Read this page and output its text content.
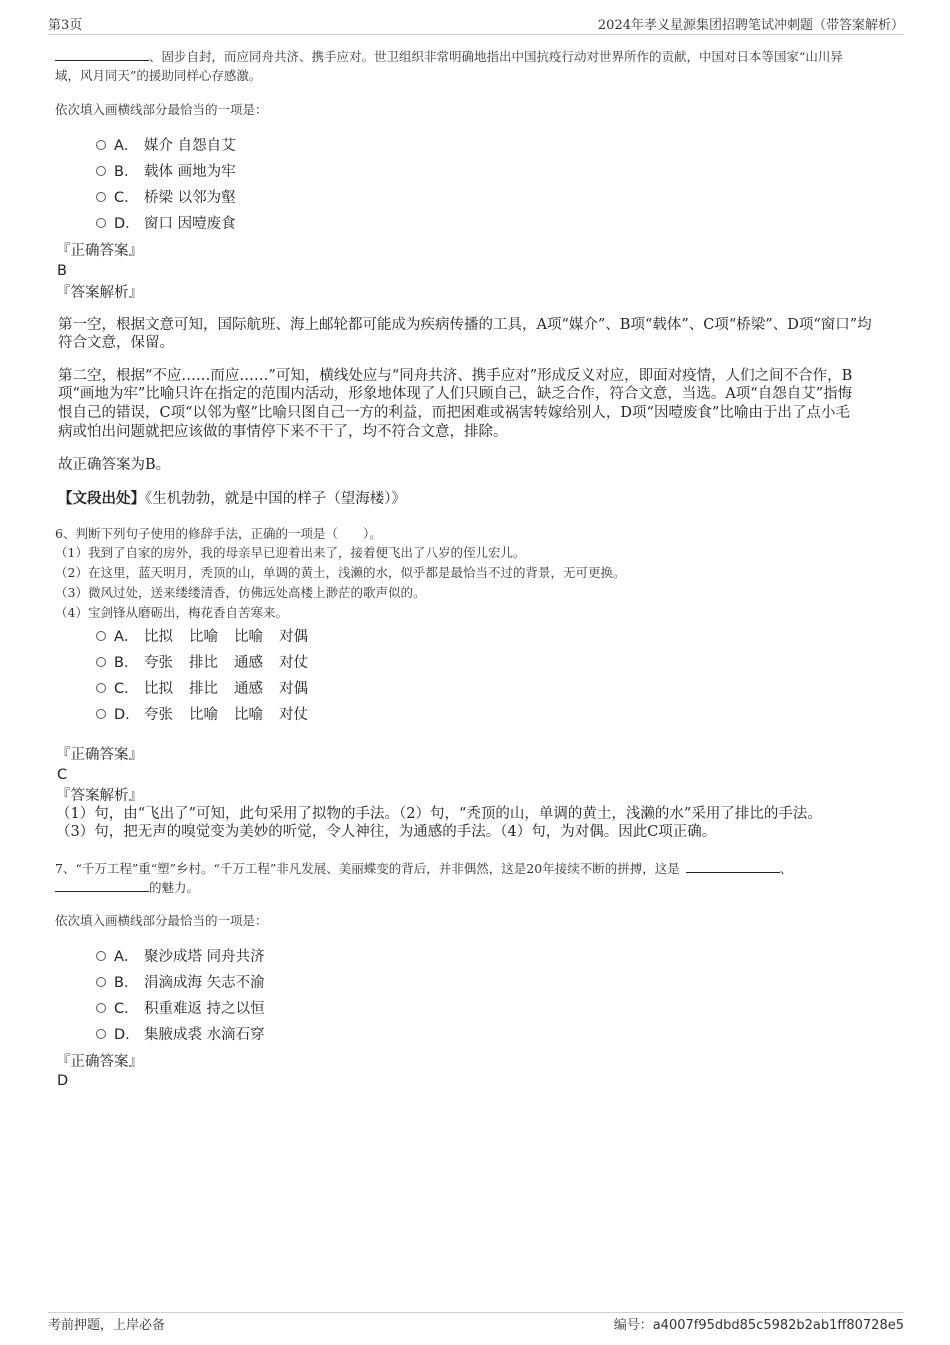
第3页	2024年孝义星源集团招聘笔试冲刺题（带答案解析）
、固步自封，而应同舟共济、携手应对。世卫组织非常明确地指出中国抗疫行动对世界所作的贡献，中国对日本等国家“山川异
域，风月同天”的援助同样心存感激。
依次填入画横线部分最恰当的一项是：
A． 媒介 自怨自艾
B． 载体 画地为牢
C． 桥梁 以邻为壑
D． 窗口 因噎废食
『正确答案』
B
『答案解析』
第一空，根据文意可知，国际航班、海上邮轮都可能成为疾病传播的工具，A项“媒介”、B项“载体”、C项“桥梁”、D项“窗口”均
符合文意，保留。
第二空，根据“不应……而应……”可知，横线处应与“同舟共济、携手应对”形成反义对应，即面对疫情，人们之间不合作，B
项“画地为牢”比喻只许在指定的范围内活动，形象地体现了人们只顾自己，缺乏合作，符合文意，当选。A项“自怨自艾”指悔
恨自己的错误，C项“以邻为壑”比喻只图自己一方的利益，而把困难或祸害转嫁给别人，D项“因噎废食”比喻由于出了点小毛
病或怕出问题就把应该做的事情停下来不干了，均不符合文意，排除。
故正确答案为B。
【文段出处】《生机勃勃，就是中国的样子（望海楼）》
6、判断下列句子使用的修辞手法，正确的一项是（　　）。
（1）我到了自家的房外，我的母亲早已迎着出来了，接着便飞出了八岁的侄儿宏儿。
（2）在这里，蓝天明月，秃顶的山，单调的黄土，浅濑的水，似乎都是最恰当不过的背景，无可更换。
（3）微风过处，送来缕缕清香，仿佛远处高楼上渺茫的歌声似的。
（4）宝剑锋从磨砺出，梅花香自苦寒来。
A． 比拟 比喻 比喻 对偶
B． 夸张 排比 通感 对仗
C． 比拟 排比 通感 对偶
D． 夸张 比喻 比喻 对仗
『正确答案』
C
『答案解析』
（1）句，由“飞出了”可知，此句采用了拟物的手法。（2）句，“秃顶的山，单调的黄土，浅濑的水”采用了排比的手法。
（3）句，把无声的嗅觉变为美妙的听觉，令人神往，为通感的手法。（4）句，为对偶。因此C项正确。
7、“千万工程”重“塑”乡村。“千万工程”非凡发展、美丽蝶变的背后，并非偶然，这是20年接续不断的拼搏，这是	、
的魅力。
依次填入画横线部分最恰当的一项是：
A． 聚沙成塔 同舟共济
B． 涓滴成海 矢志不渝
C． 积重难返 持之以恒
D． 集腋成裘 水滴石穿
『正确答案』
D
考前押题，上岸必备	编号：a4007f95dbd85c5982b2ab1ff80728e5
